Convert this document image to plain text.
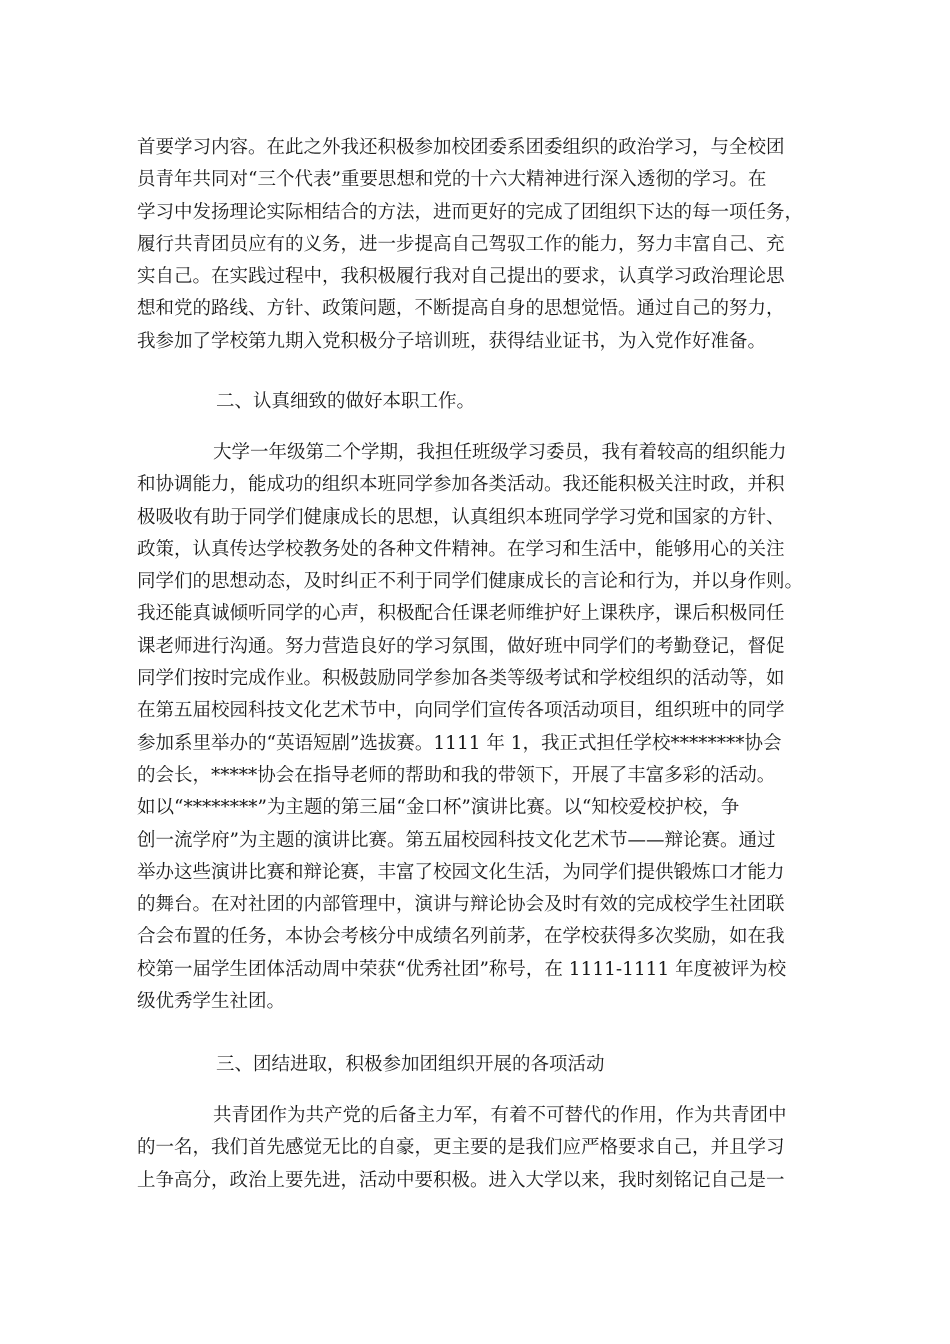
首要学习内容。在此之外我还积极参加校团委系团委组织的政治学习，与全校团
员青年共同对“三个代表”重要思想和党的十六大精神进行深入透彻的学习。在
学习中发扬理论实际相结合的方法，进而更好的完成了团组织下达的每一项任务，
履行共青团员应有的义务，进一步提高自己驾驭工作的能力，努力丰富自己、充
实自己。在实践过程中，我积极履行我对自己提出的要求，认真学习政治理论思
想和党的路线、方针、政策问题，不断提高自身的思想觉悟。通过自己的努力，
我参加了学校第九期入党积极分子培训班，获得结业证书，为入党作好准备。
二、认真细致的做好本职工作。
大学一年级第二个学期，我担任班级学习委员，我有着较高的组织能力
和协调能力，能成功的组织本班同学参加各类活动。我还能积极关注时政，并积
极吸收有助于同学们健康成长的思想，认真组织本班同学学习党和国家的方针、
政策，认真传达学校教务处的各种文件精神。在学习和生活中，能够用心的关注
同学们的思想动态，及时纠正不利于同学们健康成长的言论和行为，并以身作则。
我还能真诚倾听同学的心声，积极配合任课老师维护好上课秩序，课后积极同任
课老师进行沟通。努力营造良好的学习氛围，做好班中同学们的考勤登记，督促
同学们按时完成作业。积极鼓励同学参加各类等级考试和学校组织的活动等，如
在第五届校园科技文化艺术节中，向同学们宣传各项活动项目，组织班中的同学
参加系里举办的“英语短剧”选拔赛。1111 年 1，我正式担任学校********协会
的会长，*****协会在指导老师的帮助和我的带领下，开展了丰富多彩的活动。
如以“********”为主题的第三届“金口杯”演讲比赛。以“知校爱校护校，争
创一流学府”为主题的演讲比赛。第五届校园科技文化艺术节——辩论赛。通过
举办这些演讲比赛和辩论赛，丰富了校园文化生活，为同学们提供锻炼口才能力
的舞台。在对社团的内部管理中，演讲与辩论协会及时有效的完成校学生社团联
合会布置的任务，本协会考核分中成绩名列前茅，在学校获得多次奖励，如在我
校第一届学生团体活动周中荣获“优秀社团”称号，在 1111-1111 年度被评为校
级优秀学生社团。
三、团结进取，积极参加团组织开展的各项活动
共青团作为共产党的后备主力军，有着不可替代的作用，作为共青团中
的一名，我们首先感觉无比的自豪，更主要的是我们应严格要求自己，并且学习
上争高分，政治上要先进，活动中要积极。进入大学以来，我时刻铭记自己是一
